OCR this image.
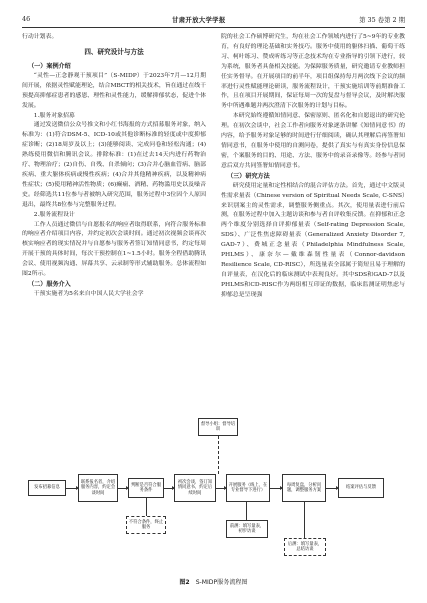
46	甘肃开放大学学报	第 35 卷第 2 期

行动计划表。

四、研究设计与方法
（一）案例介绍

“灵性—正念静观干预项目”（S-MIDP）于2023年7月—12月期间开展，依据灵性赋能理论，结合MBCT的相关技术，旨在通过在线干预提高抑郁症患者的感恩、理性和灵性能力，缓解抑郁状态，促进个体发展。

1.服务对象招募

通过发送微信公众号推文和小红书海报的方式招募服务对象，纳入标准为：(1)符合DSM-5、ICD-10或其他诊断标准的轻度或中度抑郁症诊断；(2)18周岁及以上；(3)能够阅读、完成问卷和轻松沟通；(4)熟练使用微信和腾讯会议。排除标准：(1)在过去14天内进行药物治疗、物理治疗；(2)自伤、自残、自杀倾向；(3)合并心脑血管病、脑部疾病、重大躯体疾病或慢性疾病；(4)合并其他精神疾病，以及精神病性症状；(5)使用精神活性物质；(6)癫痫、酒精、药物滥用史以及噪音史。经筛选共11位参与者被纳入研究范围，服务过程中3位因个人原因退出，最终共8位参与完整服务过程。

2.服务流程设计

工作人员通过微信与自愿报名的响应者取得联系，向符合服务标准的响应者介绍项目内容，并约定初次会谈时间。通过初次视频会谈再次核实响应者的现实情况并与自愿参与服务者签订知情同意书，约定每周开展干预的具体时间，每次干预控制在1~1.5小时。服务全程借助腾讯会议、使用视频沟通、屏幕共享、云录制等形式辅助服务。总体流程如图2所示。

（二）服务介入

干预实施者为5名来自中国人民大学社会学

院的社会工作硕博研究生，均在社会工作领域内进行了5~9年的专业教育，有良好的理论基础和实务技巧。服务中使用的躯体扫描、葡萄干练习、柯叶练习、赞成听练习等正念技术均在专业指导的引领下进行，较为系统，服务者具备相关技能。为保障服务质量，研究邀请专业教师担任实务督导。在开展项目的前半年，项目组保持每月两次线下会议的频率进行灵性赋能理论研读，服务流程设计，干预实施培训等前期准备工作，且在项目开展期间，保证每周一次的复盘与督导会议，及时解决服务中所遇难题并两次澄清下次服务的计划与目标。

本研究始终遵循知情同意、保密原则、匿名化和自愿退出的研究伦理。在初次会谈中，社会工作者向服务对象逐条讲解《知情同意书》的内容，给予服务对象足够的时间进行仔细阅读，确认其理解后再签署知情同意书，在服务中使用的自测问卷，提供了真实与有真实身份信息保密，个案服务的目的、用途、方法、服务中的录音录像等。经参与者同意后双方共同签署知情同意书。

（三）研究方法

研究使用定量和定性相结合的混合评估方法。首先，通过中文版灵性需求量表（Chinese version of Spiritual Needs Scale, C-SNS）来识别案主的灵性需求，调整服务侧重点。其次，使用量表进行前后测，在服务过程中加入主题访谈和参与者自评收集反馈。在抑郁和正念两个维度分别选择自评抑郁量表（Self-rating Depression Scale, SDS）、广泛性焦虑障碍量表（Generalized Anxiety Disorder 7, GAD-7）、费城正念量表（Philadelphia Mindfulness Scale, PHLMS）、康奈尔—戴维森韧性量表（Connor-davidson Resilience Scale, CD-RISC），所选量表全部属于简短且易于理解的自评量表，在汉化后的临床测试中表现良好。其中SDS和GAD-7以及PHLMS和CD-RISC作为两组相互印证的数据，临床监测证明焦虑与抑郁总是呈现强

督导小组：督导培训
发布招募信息
联系报名者，介绍服务内容，约定会谈时间
判断是否符合服务条件
初次会谈，签订知情同意书，约定后续时间
开展服务（线上，在专业督导下进行）
每周复盘，分析问题，调整服务方案
结案评估与反馈
不符合条件，终止服务	前测：填写量表，初步访谈
后测：填写量表，总结访谈
图2 S-MIDP服务流程图
